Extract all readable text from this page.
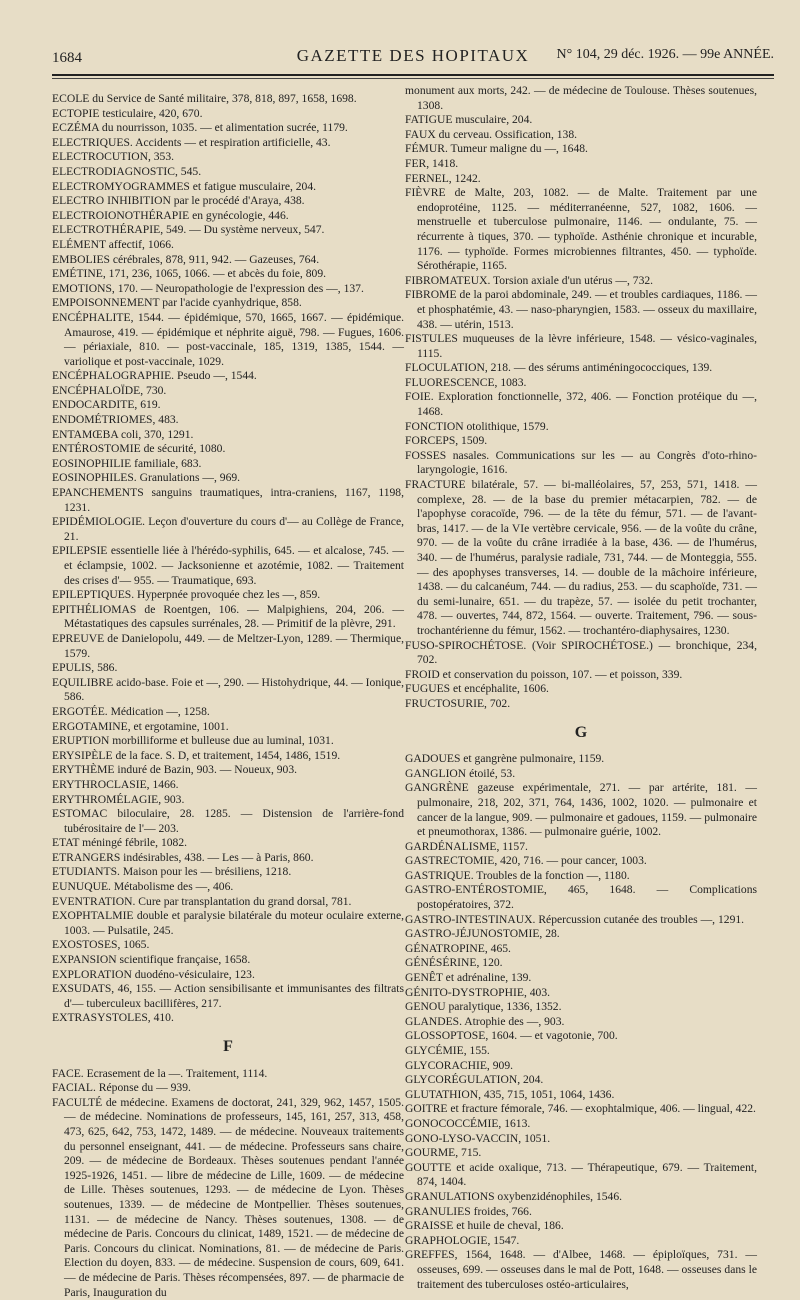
1684	GAZETTE DES HOPITAUX	N° 104, 29 déc. 1926. — 99e ANNÉE.

ECOLE du Service de Santé militaire, 378, 818, 897, 1658, 1698.

ECTOPIE testiculaire, 420, 670.

ECZÉMA du nourrisson, 1035. — et alimentation sucrée, 1179.

ELECTRIQUES. Accidents — et respiration artificielle, 43.

ELECTROCUTION, 353.

ELECTRODIAGNOSTIC, 545.

ELECTROMYOGRAMMES et fatigue musculaire, 204.

ELECTRO INHIBITION par le procédé d'Araya, 438.

ELECTROIONOTHÉRAPIE en gynécologie, 446.

ELECTROTHÉRAPIE, 549. — Du système nerveux, 547.

ELÉMENT affectif, 1066.

EMBOLIES cérébrales, 878, 911, 942. — Gazeuses, 764.

EMÉTINE, 171, 236, 1065, 1066. — et abcès du foie, 809.

EMOTIONS, 170. — Neuropathologie de l'expression des —, 137.

EMPOISONNEMENT par l'acide cyanhydrique, 858.

ENCÉPHALITE, 1544. — épidémique, 570, 1665, 1667. — épidémique. Amaurose, 419. — épidémique et néphrite aiguë, 798. — Fugues, 1606. — périaxiale, 810. — post-vaccinale, 185, 1319, 1385, 1544. — variolique et post-vaccinale, 1029.

ENCÉPHALOGRAPHIE. Pseudo —, 1544.

ENCÉPHALOÏDE, 730.

ENDOCARDITE, 619.

ENDOMÉTRIOMES, 483.

ENTAMŒBA coli, 370, 1291.

ENTÉROSTOMIE de sécurité, 1080.

EOSINOPHILIE familiale, 683.

EOSINOPHILES. Granulations —, 969.

EPANCHEMENTS sanguins traumatiques, intra-craniens, 1167, 1198, 1231.

EPIDÉMIOLOGIE. Leçon d'ouverture du cours d'— au Collège de France, 21.

EPILEPSIE essentielle liée à l'hérédo-syphilis, 645. — et alcalose, 745. — et éclampsie, 1002. — Jacksonienne et azotémie, 1082. — Traitement des crises d'— 955. — Traumatique, 693.

EPILEPTIQUES. Hyperpnée provoquée chez les —, 859.

EPITHÉLIOMAS de Roentgen, 106. — Malpighiens, 204, 206. — Métastatiques des capsules surrénales, 28. — Primitif de la plèvre, 291.

EPREUVE de Danielopolu, 449. — de Meltzer-Lyon, 1289. — Thermique, 1579.

EPULIS, 586.

EQUILIBRE acido-base. Foie et —, 290. — Histohydrique, 44. — Ionique, 586.

ERGOTÉE. Médication —, 1258.

ERGOTAMINE, et ergotamine, 1001.

ERUPTION morbilliforme et bulleuse due au luminal, 1031.

ERYSIPÈLE de la face. S. D, et traitement, 1454, 1486, 1519.

ERYTHÈME induré de Bazin, 903. — Noueux, 903.

ERYTHROCLASIE, 1466.

ERYTHROMÉLAGIE, 903.

ESTOMAC biloculaire, 28. 1285. — Distension de l'arrière-fond tubérositaire de l'— 203.

ETAT méningé fébrile, 1082.

ETRANGERS indésirables, 438. — Les — à Paris, 860.

ETUDIANTS. Maison pour les — brésiliens, 1218.

EUNUQUE. Métabolisme des —, 406.

EVENTRATION. Cure par transplantation du grand dorsal, 781.

EXOPHTALMIE double et paralysie bilatérale du moteur oculaire externe, 1003. — Pulsatile, 245.

EXOSTOSES, 1065.

EXPANSION scientifique française, 1658.

EXPLORATION duodéno-vésiculaire, 123.

EXSUDATS, 46, 155. — Action sensibilisante et immunisantes des filtrats d'— tuberculeux bacillifères, 217.

EXTRASYSTOLES, 410.

F

FACE. Ecrasement de la —. Traitement, 1114.

FACIAL. Réponse du — 939.

FACULTÉ de médecine. Examens de doctorat, 241, 329, 962, 1457, 1505. — de médecine. Nominations de professeurs, 145, 161, 257, 313, 458, 473, 625, 642, 753, 1472, 1489. — de médecine. Nouveaux traitements du personnel enseignant, 441. — de médecine. Professeurs sans chaire, 209. — de médecine de Bordeaux. Thèses soutenues pendant l'année 1925-1926, 1451. — libre de médecine de Lille, 1609. — de médecine de Lille. Thèses soutenues, 1293. — de médecine de Lyon. Thèses soutenues, 1339. — de médecine de Montpellier. Thèses soutenues, 1131. — de médecine de Nancy. Thèses soutenues, 1308. — de médecine de Paris. Concours du clinicat, 1489, 1521. — de médecine de Paris. Concours du clinicat. Nominations, 81. — de médecine de Paris. Election du doyen, 833. — de médecine. Suspension de cours, 609, 641. — de médecine de Paris. Thèses récompensées, 897. — de pharmacie de Paris, Inauguration du

monument aux morts, 242. — de médecine de Toulouse. Thèses soutenues, 1308.

FATIGUE musculaire, 204.

FAUX du cerveau. Ossification, 138.

FÉMUR. Tumeur maligne du —, 1648.

FER, 1418.

FERNEL, 1242.

FIÈVRE de Malte, 203, 1082. — de Malte. Traitement par une endoprotéine, 1125. — méditerranéenne, 527, 1082, 1606. — menstruelle et tuberculose pulmonaire, 1146. — ondulante, 75. — récurrente à tiques, 370. — typhoïde. Asthénie chronique et incurable, 1176. — typhoïde. Formes microbiennes filtrantes, 450. — typhoïde. Sérothérapie, 1165.

FIBROMATEUX. Torsion axiale d'un utérus —, 732.

FIBROME de la paroi abdominale, 249. — et troubles cardiaques, 1186. — et phosphatémie, 43. — naso-pharyngien, 1583. — osseux du maxillaire, 438. — utérin, 1513.

FISTULES muqueuses de la lèvre inférieure, 1548. — vésico-vaginales, 1115.

FLOCULATION, 218. — des sérums antiméningococciques, 139.

FLUORESCENCE, 1083.

FOIE. Exploration fonctionnelle, 372, 406. — Fonction protéique du —, 1468.

FONCTION otolithique, 1579.

FORCEPS, 1509.

FOSSES nasales. Communications sur les — au Congrès d'oto-rhino-laryngologie, 1616.

FRACTURE bilatérale, 57. — bi-malléolaires, 57, 253, 571, 1418. — complexe, 28. — de la base du premier métacarpien, 782. — de l'apophyse coracoïde, 796. — de la tête du fémur, 571. — de l'avant-bras, 1417. — de la VIe vertèbre cervicale, 956. — de la voûte du crâne, 970. — de la voûte du crâne irradiée à la base, 436. — de l'humérus, 340. — de l'humérus, paralysie radiale, 731, 744. — de Monteggia, 555. — des apophyses transverses, 14. — double de la mâchoire inférieure, 1438. — du calcanéum, 744. — du radius, 253. — du scaphoïde, 731. — du semi-lunaire, 651. — du trapèze, 57. — isolée du petit trochanter, 478. — ouvertes, 744, 872, 1564. — ouverte. Traitement, 796. — sous-trochantérienne du fémur, 1562. — trochantéro-diaphysaires, 1230.

FUSO-SPIROCHÉTOSE. (Voir SPIROCHÉTOSE.) — bronchique, 234, 702.

FROID et conservation du poisson, 107. — et poisson, 339.

FUGUES et encéphalite, 1606.

FRUCTOSURIE, 702.

G

GADOUES et gangrène pulmonaire, 1159.

GANGLION étoilé, 53.

GANGRÈNE gazeuse expérimentale, 271. — par artérite, 181. — pulmonaire, 218, 202, 371, 764, 1436, 1002, 1020. — pulmonaire et cancer de la langue, 909. — pulmonaire et gadoues, 1159. — pulmonaire et pneumothorax, 1386. — pulmonaire guérie, 1002.

GARDÉNALISME, 1157.

GASTRECTOMIE, 420, 716. — pour cancer, 1003.

GASTRIQUE. Troubles de la fonction —, 1180.

GASTRO-ENTÉROSTOMIE, 465, 1648. — Complications postopératoires, 372.

GASTRO-INTESTINAUX. Répercussion cutanée des troubles —, 1291.

GASTRO-JÉJUNOSTOMIE, 28.

GÉNATROPINE, 465.

GÉNÉSÉRINE, 120.

GENÊT et adrénaline, 139.

GÉNITO-DYSTROPHIE, 403.

GENOU paralytique, 1336, 1352.

GLANDES. Atrophie des —, 903.

GLOSSOPTOSE, 1604. — et vagotonie, 700.

GLYCÉMIE, 155.

GLYCORACHIE, 909.

GLYCORÉGULATION, 204.

GLUTATHION, 435, 715, 1051, 1064, 1436.

GOITRE et fracture fémorale, 746. — exophtalmique, 406. — lingual, 422.

GONOCOCCÉMIE, 1613.

GONO-LYSO-VACCIN, 1051.

GOURME, 715.

GOUTTE et acide oxalique, 713. — Thérapeutique, 679. — Traitement, 874, 1404.

GRANULATIONS oxybenzidénophiles, 1546.

GRANULIES froides, 766.

GRAISSE et huile de cheval, 186.

GRAPHOLOGIE, 1547.

GREFFES, 1564, 1648. — d'Albee, 1468. — épiploïques, 731. — osseuses, 699. — osseuses dans le mal de Pott, 1648. — osseuses dans le traitement des tuberculoses ostéo-articulaires,
